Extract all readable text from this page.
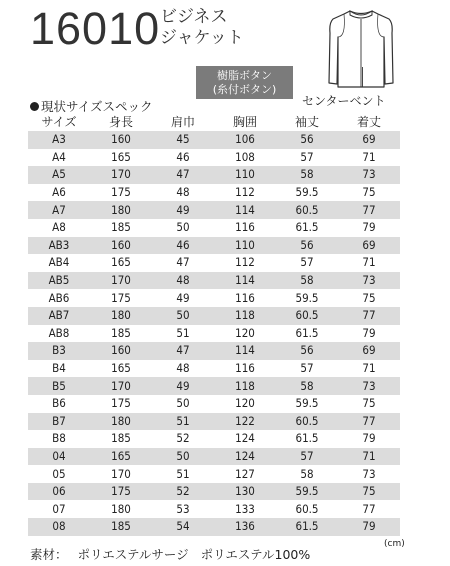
16010 ビジネス
ジャケット
樹脂ボタン
(糸付ボタン)
センターベント
現状サイズスペック
サイズ	身長	肩巾	胸囲	袖丈	着丈
A3	160	45	106	56	69
A4	165	46	108	57	71
A5	170	47	110	58	73
A6	175	48	112	59.5	75
A7	180	49	114	60.5	77
A8	185	50	116	61.5	79
AB3	160	46	110	56	69
AB4	165	47	112	57	71
AB5	170	48	114	58	73
AB6	175	49	116	59.5	75
AB7	180	50	118	60.5	77
AB8	185	51	120	61.5	79
B3	160	47	114	56	69
B4	165	48	116	57	71
B5	170	49	118	58	73
B6	175	50	120	59.5	75
B7	180	51	122	60.5	77
B8	185	52	124	61.5	79
04	165	50	124	57	71
05	170	51	127	58	73
06	175	52	130	59.5	75
07	180	53	133	60.5	77
08	185	54	136	61.5	79
素材： ポリエステルサージ ポリエステル100%
(cm)
